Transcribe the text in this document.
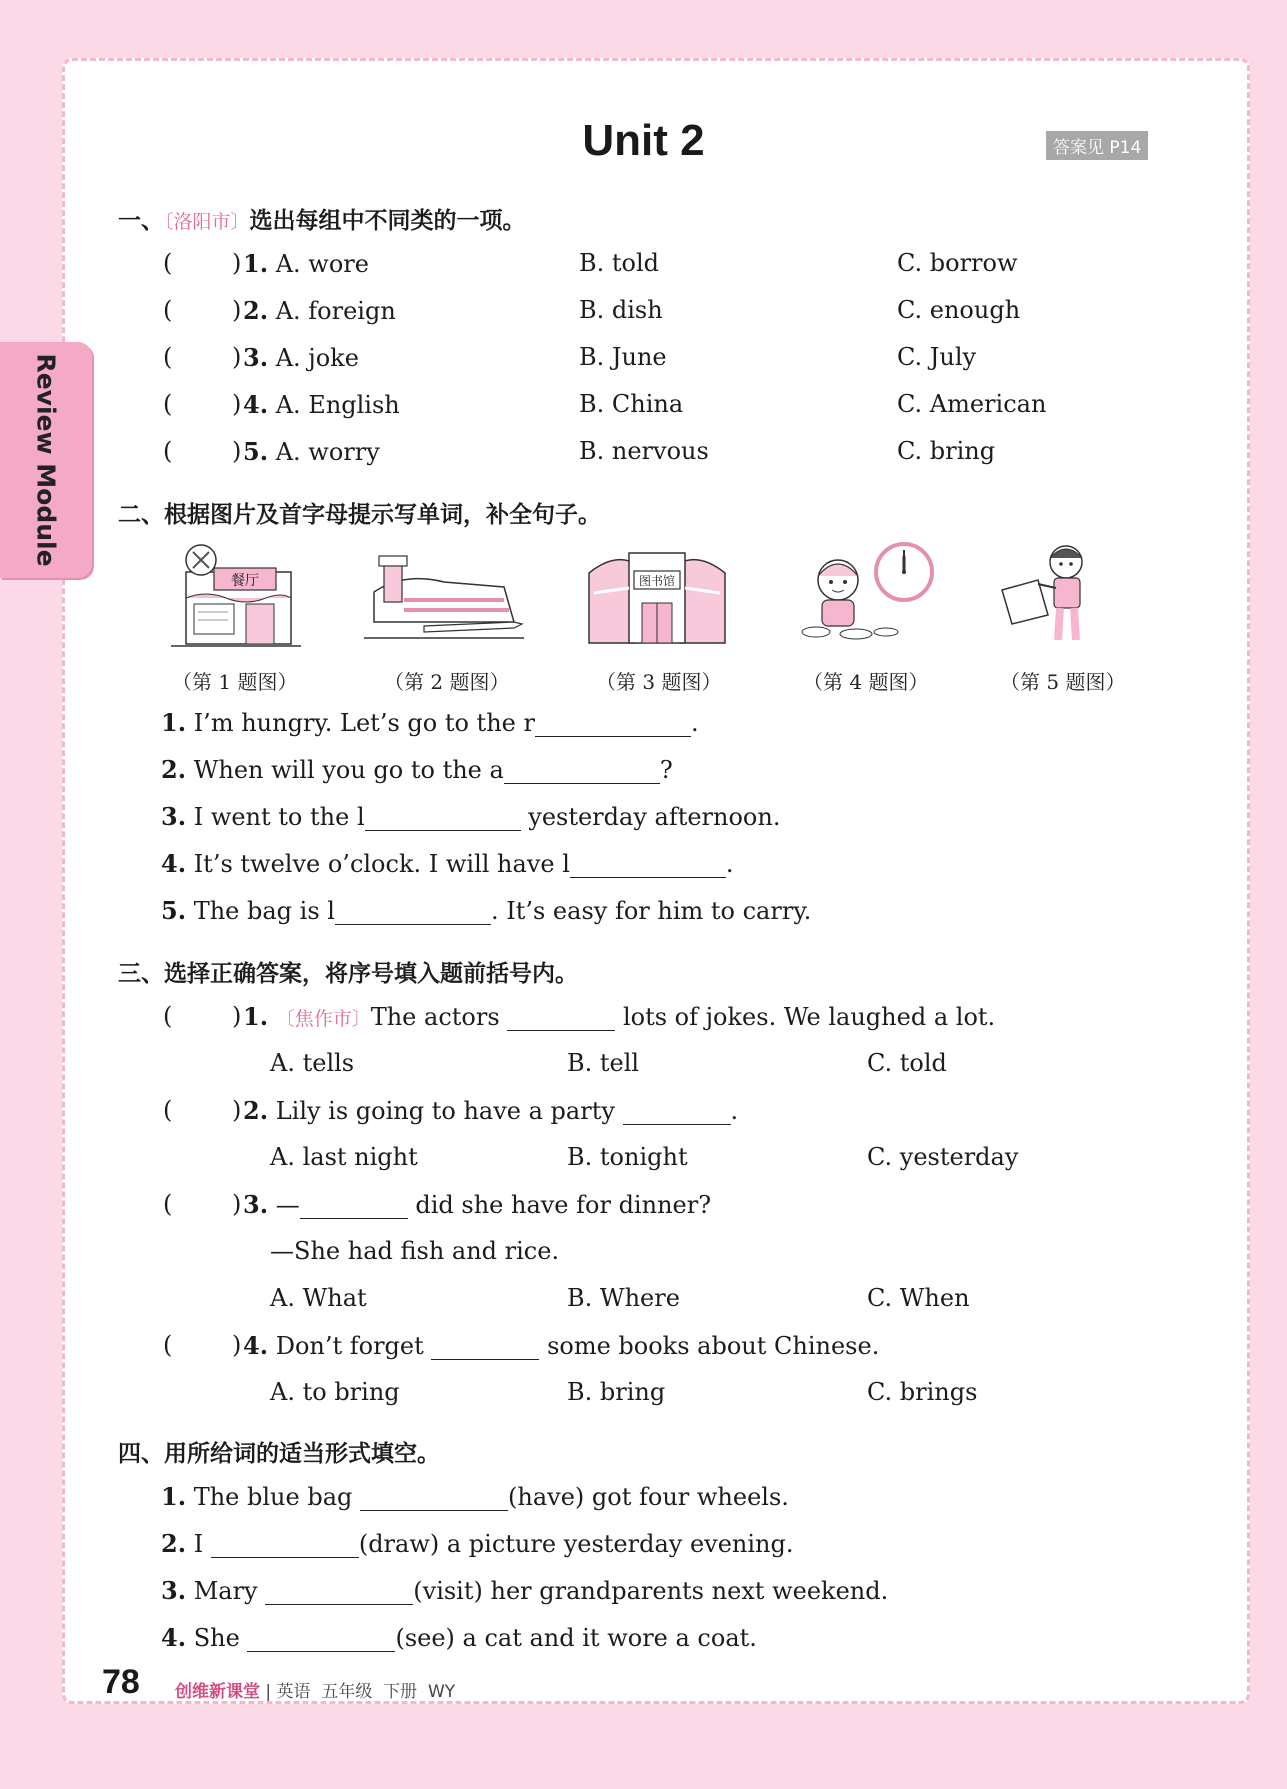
Review Module
Unit 2	答案见 P14
一、〔洛阳市〕选出每组中不同类的一项。
( ) 1. A. wore	B. told	C. borrow
( ) 2. A. foreign	B. dish	C. enough
( ) 3. A. joke	B. June	C. July
( ) 4. A. English	B. China	C. American
( ) 5. A. worry	B. nervous	C. bring
二、根据图片及首字母提示写单词，补全句子。
餐厅
（第 1 题图）	（第 2 题图）
图书馆
（第 3 题图）	（第 4 题图）	（第 5 题图）
1. I’m hungry. Let’s go to the r	.
2. When will you go to the a	?
3. I went to the l	yesterday afternoon.
4. It’s twelve o’clock. I will have l	.
5. The bag is l	. It’s easy for him to carry.
三、选择正确答案，将序号填入题前括号内。
( ) 1. 〔焦作市〕The actors	lots of jokes. We laughed a lot.
A. tells	B. tell	C. told
( ) 2. Lily is going to have a party	.
A. last night	B. tonight	C. yesterday
( ) 3. —	did she have for dinner?
—She had fish and rice.
A. What	B. Where	C. When
( ) 4. Don’t forget	some books about Chinese.
A. to bring	B. bring	C. brings
四、用所给词的适当形式填空。
1. The blue bag	(have) got four wheels.
2. I	(draw) a picture yesterday evening.
3. Mary	(visit) her grandparents next weekend.
4. She	(see) a cat and it wore a coat.
78 创维新课堂 | 英语  五年级  下册  WY
